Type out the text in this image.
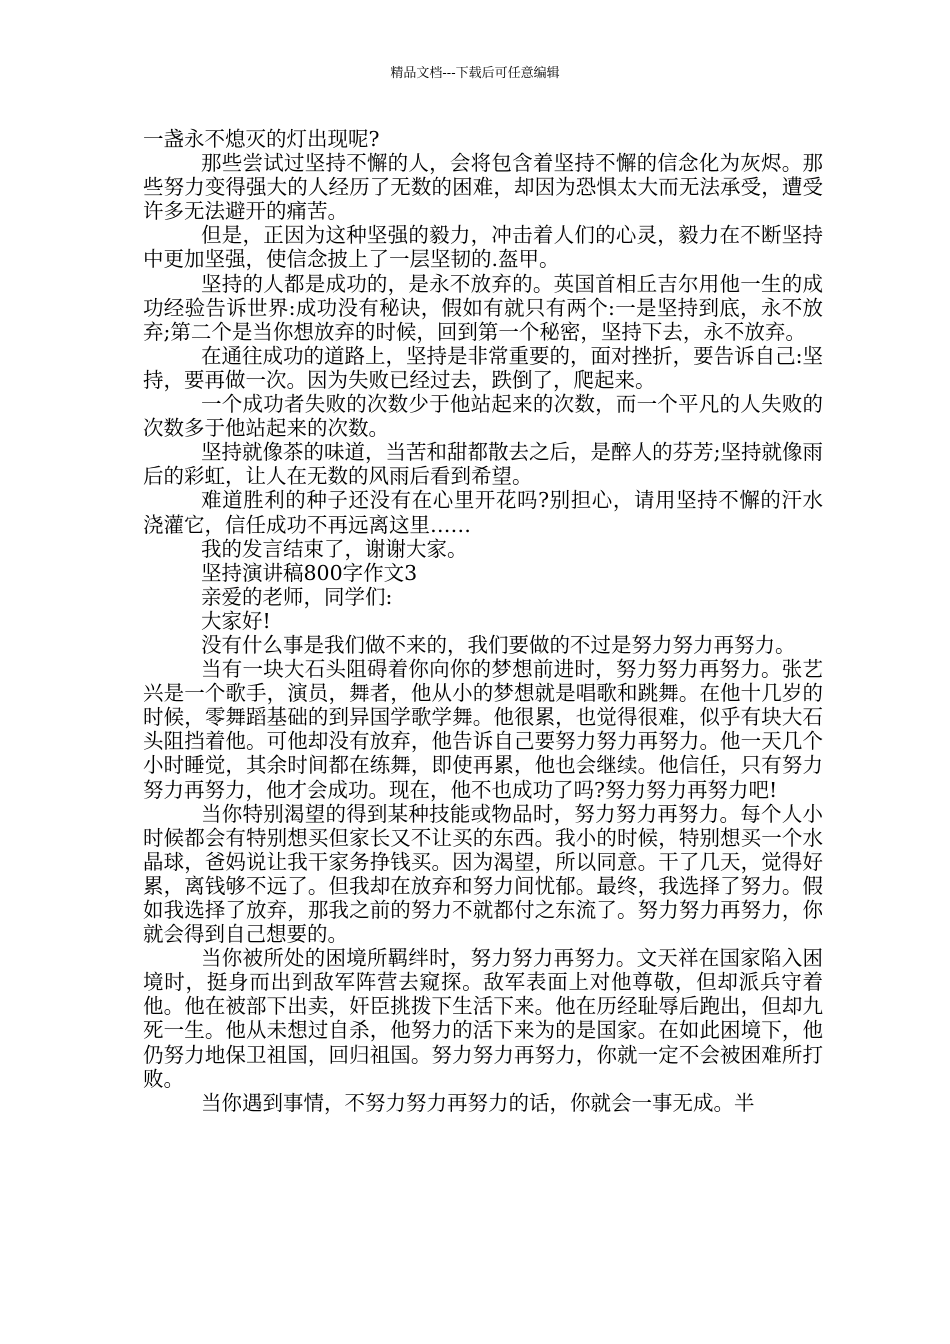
精品文档---下载后可任意编辑

一盏永不熄灭的灯出现呢?

那些尝试过坚持不懈的人，会将包含着坚持不懈的信念化为灰烬。那些努力变得强大的人经历了无数的困难，却因为恐惧太大而无法承受，遭受许多无法避开的痛苦。

但是，正因为这种坚强的毅力，冲击着人们的心灵，毅力在不断坚持中更加坚强，使信念披上了一层坚韧的.盔甲。

坚持的人都是成功的，是永不放弃的。英国首相丘吉尔用他一生的成功经验告诉世界:成功没有秘诀，假如有就只有两个:一是坚持到底，永不放弃;第二个是当你想放弃的时候，回到第一个秘密，坚持下去，永不放弃。

在通往成功的道路上，坚持是非常重要的，面对挫折，要告诉自己:坚持，要再做一次。因为失败已经过去，跌倒了，爬起来。

一个成功者失败的次数少于他站起来的次数，而一个平凡的人失败的次数多于他站起来的次数。

坚持就像茶的味道，当苦和甜都散去之后，是醉人的芬芳;坚持就像雨后的彩虹，让人在无数的风雨后看到希望。

难道胜利的种子还没有在心里开花吗?别担心，请用坚持不懈的汗水浇灌它，信任成功不再远离这里……

我的发言结束了，谢谢大家。

坚持演讲稿800字作文3

亲爱的老师，同学们:

大家好!

没有什么事是我们做不来的，我们要做的不过是努力努力再努力。

当有一块大石头阻碍着你向你的梦想前进时，努力努力再努力。张艺兴是一个歌手，演员，舞者，他从小的梦想就是唱歌和跳舞。在他十几岁的时候，零舞蹈基础的到异国学歌学舞。他很累，也觉得很难，似乎有块大石头阻挡着他。可他却没有放弃，他告诉自己要努力努力再努力。他一天几个小时睡觉，其余时间都在练舞，即使再累，他也会继续。他信任，只有努力努力再努力，他才会成功。现在，他不也成功了吗?努力努力再努力吧!

当你特别渴望的得到某种技能或物品时，努力努力再努力。每个人小时候都会有特别想买但家长又不让买的东西。我小的时候，特别想买一个水晶球，爸妈说让我干家务挣钱买。因为渴望，所以同意。干了几天，觉得好累，离钱够不远了。但我却在放弃和努力间忧郁。最终，我选择了努力。假如我选择了放弃，那我之前的努力不就都付之东流了。努力努力再努力，你就会得到自己想要的。

当你被所处的困境所羁绊时，努力努力再努力。文天祥在国家陷入困境时，挺身而出到敌军阵营去窥探。敌军表面上对他尊敬，但却派兵守着他。他在被部下出卖，奸臣挑拨下生活下来。他在历经耻辱后跑出，但却九死一生。他从未想过自杀，他努力的活下来为的是国家。在如此困境下，他仍努力地保卫祖国，回归祖国。努力努力再努力，你就一定不会被困难所打败。

当你遇到事情，不努力努力再努力的话，你就会一事无成。半
